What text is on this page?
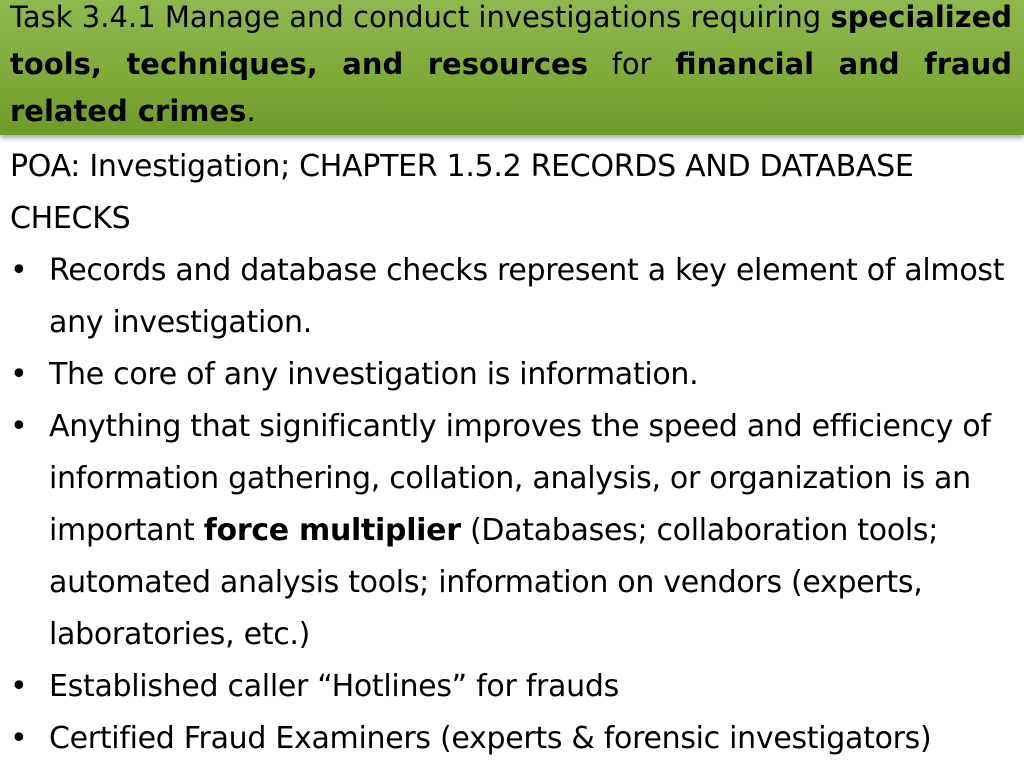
Task 3.4.1 Manage and conduct investigations requiring specialized tools, techniques, and resources for financial and fraud related crimes.

POA: Investigation; CHAPTER 1.5.2 RECORDS AND DATABASE CHECKS

• Records and database checks represent a key element of almost any investigation.
• The core of any investigation is information.
• Anything that significantly improves the speed and efficiency of information gathering, collation, analysis, or organization is an important force multiplier (Databases; collaboration tools; automated analysis tools; information on vendors (experts, laboratories, etc.)
• Established caller “Hotlines” for frauds
• Certified Fraud Examiners (experts & forensic investigators)
